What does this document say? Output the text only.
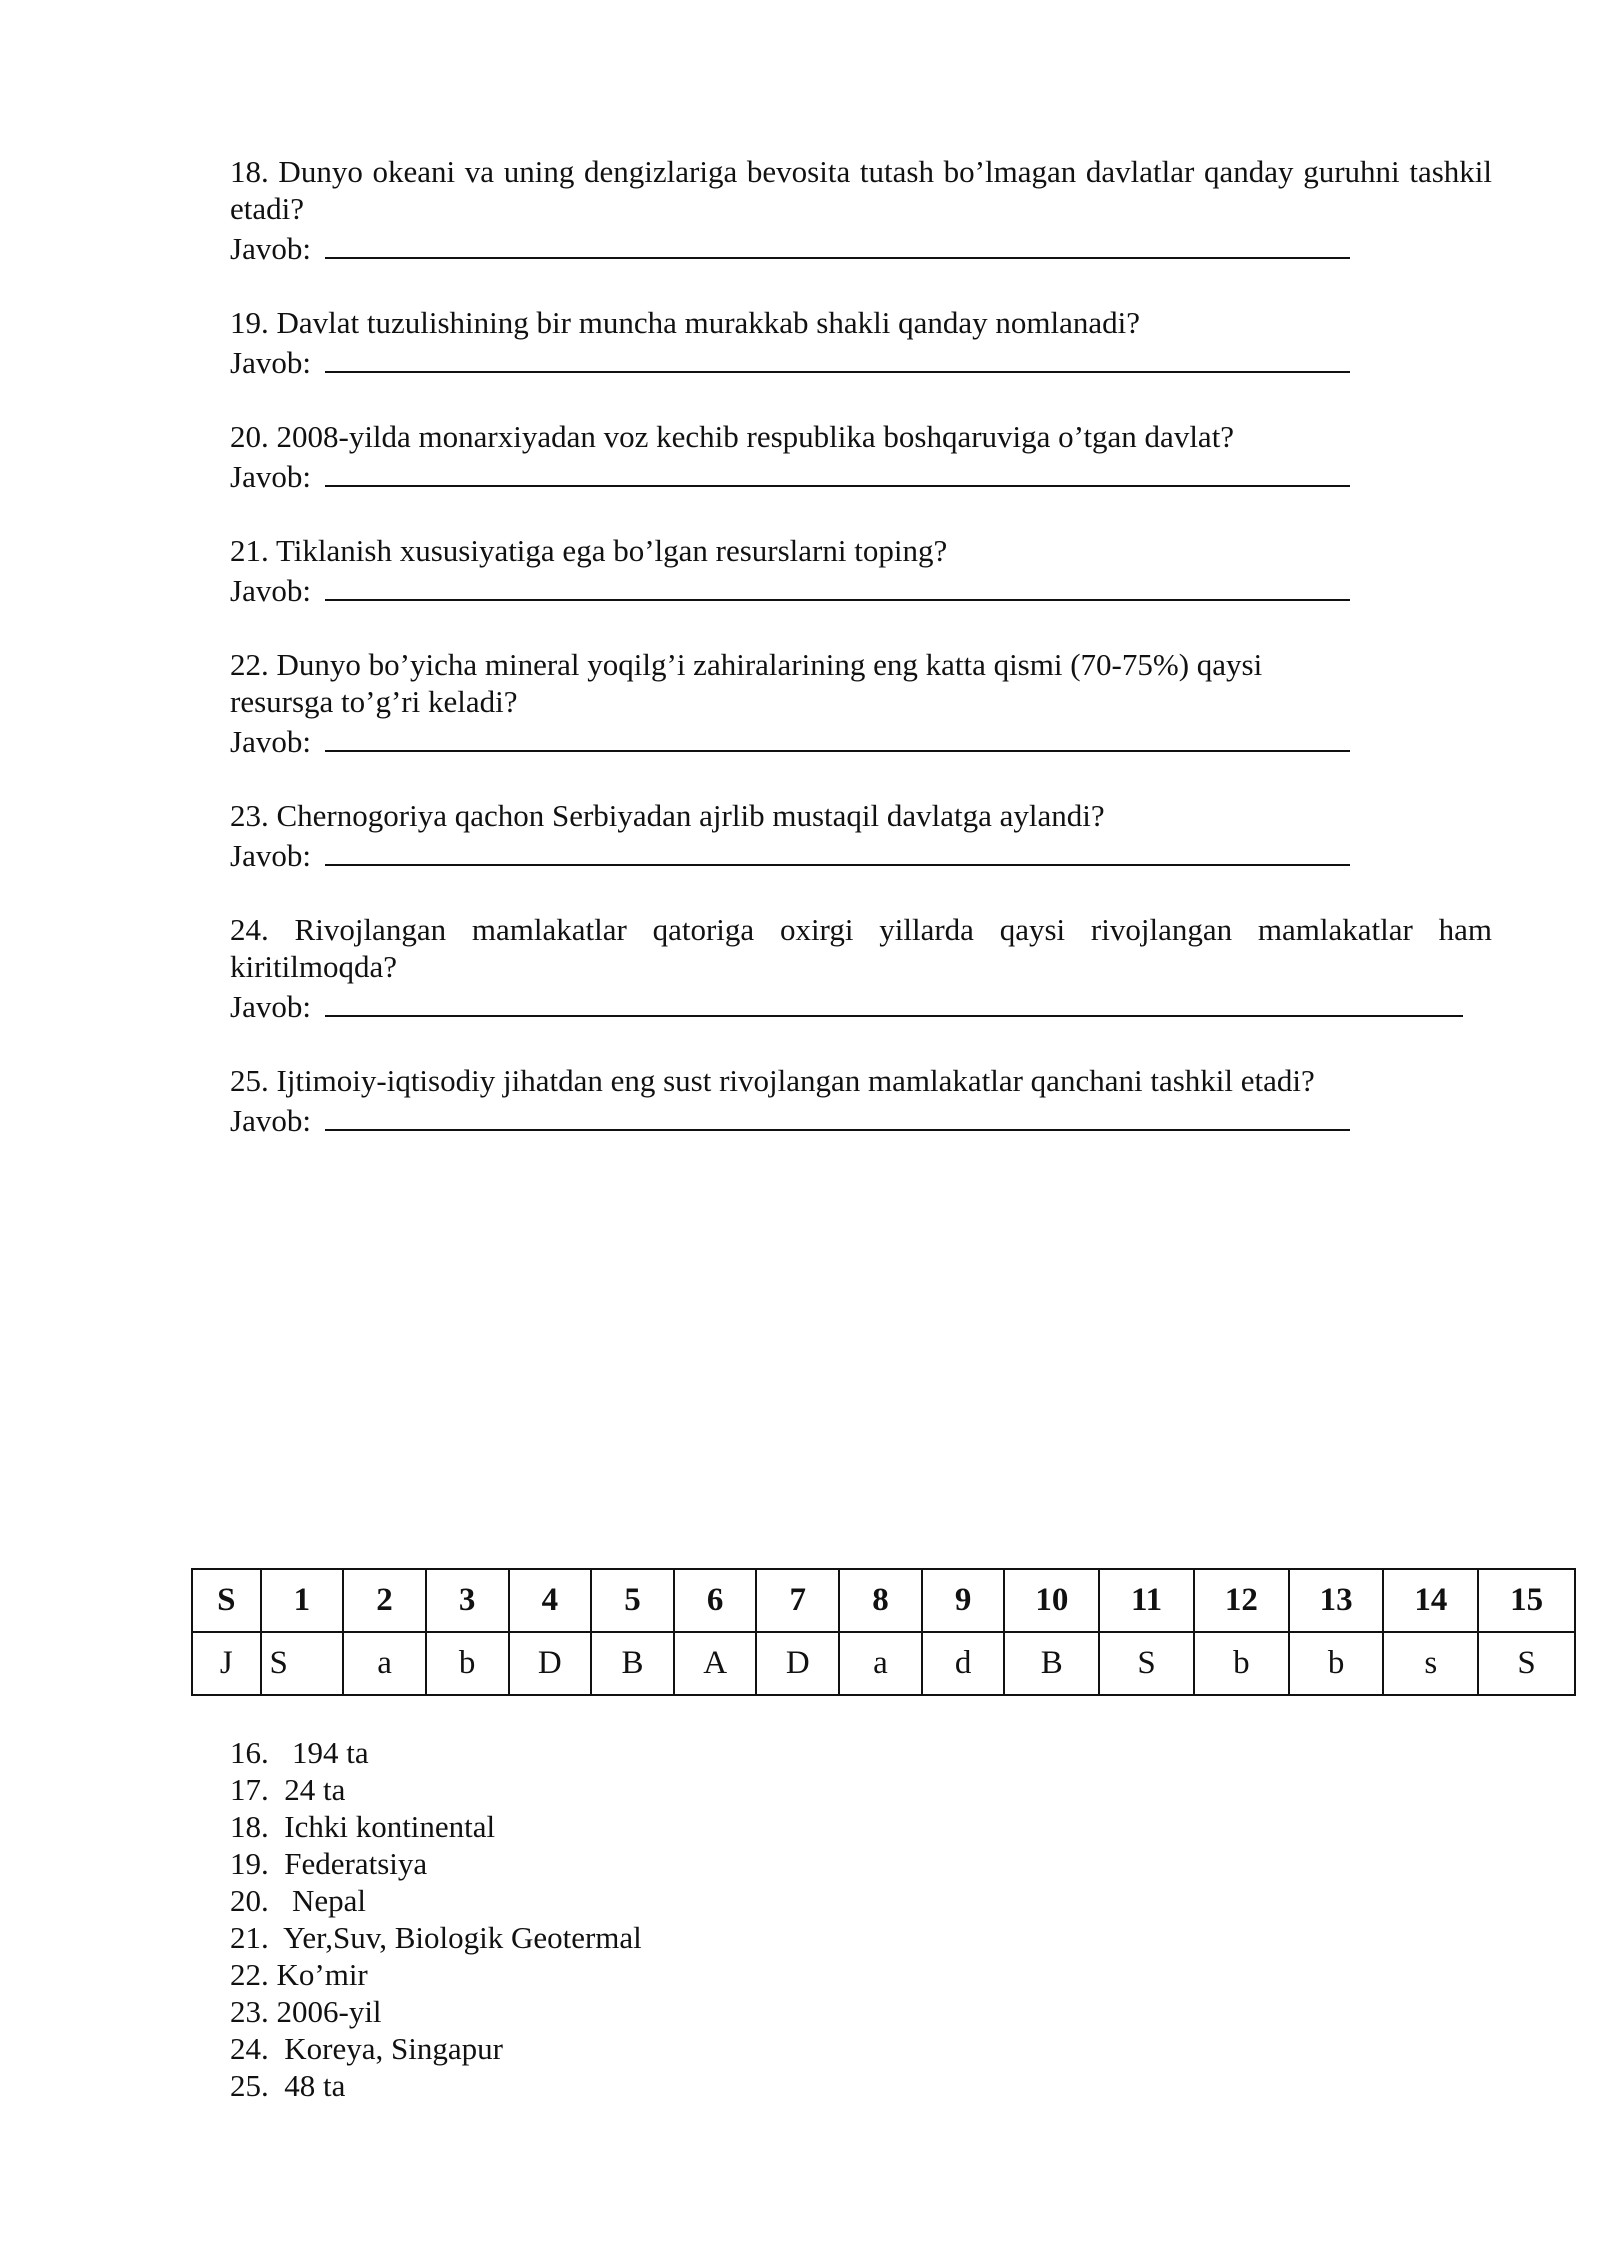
18. Dunyo okeani va uning dengizlariga bevosita tutash bo’lmagan davlatlar qanday guruhni tashkil etadi?

Javob:

19. Davlat tuzulishining bir muncha murakkab shakli qanday nomlanadi?

Javob:

20. 2008-yilda monarxiyadan voz kechib respublika boshqaruviga o’tgan davlat?

Javob:

21. Tiklanish xususiyatiga ega bo’lgan resurslarni toping?

Javob:

22. Dunyo bo’yicha mineral yoqilg’i zahiralarining eng katta qismi (70-75%) qaysi resursga to’g’ri keladi?

Javob:

23. Chernogoriya qachon Serbiyadan ajrlib mustaqil davlatga aylandi?

Javob:

24. Rivojlangan mamlakatlar qatoriga oxirgi yillarda qaysi rivojlangan mamlakatlar ham kiritilmoqda?

Javob:

25. Ijtimoiy-iqtisodiy jihatdan eng sust rivojlangan mamlakatlar qanchani tashkil etadi?

Javob:
S	1	2	3	4	5	6	7	8	9	10	11	12	13	14	15
J	S	a	b	D	B	A	D	a	d	B	S	b	b	s	S
16.   194 ta
17.  24 ta
18.  Ichki kontinental
19.  Federatsiya
20.   Nepal
21.  Yer,Suv, Biologik Geotermal
22. Ko’mir
23. 2006-yil
24.  Koreya, Singapur
25.  48 ta
